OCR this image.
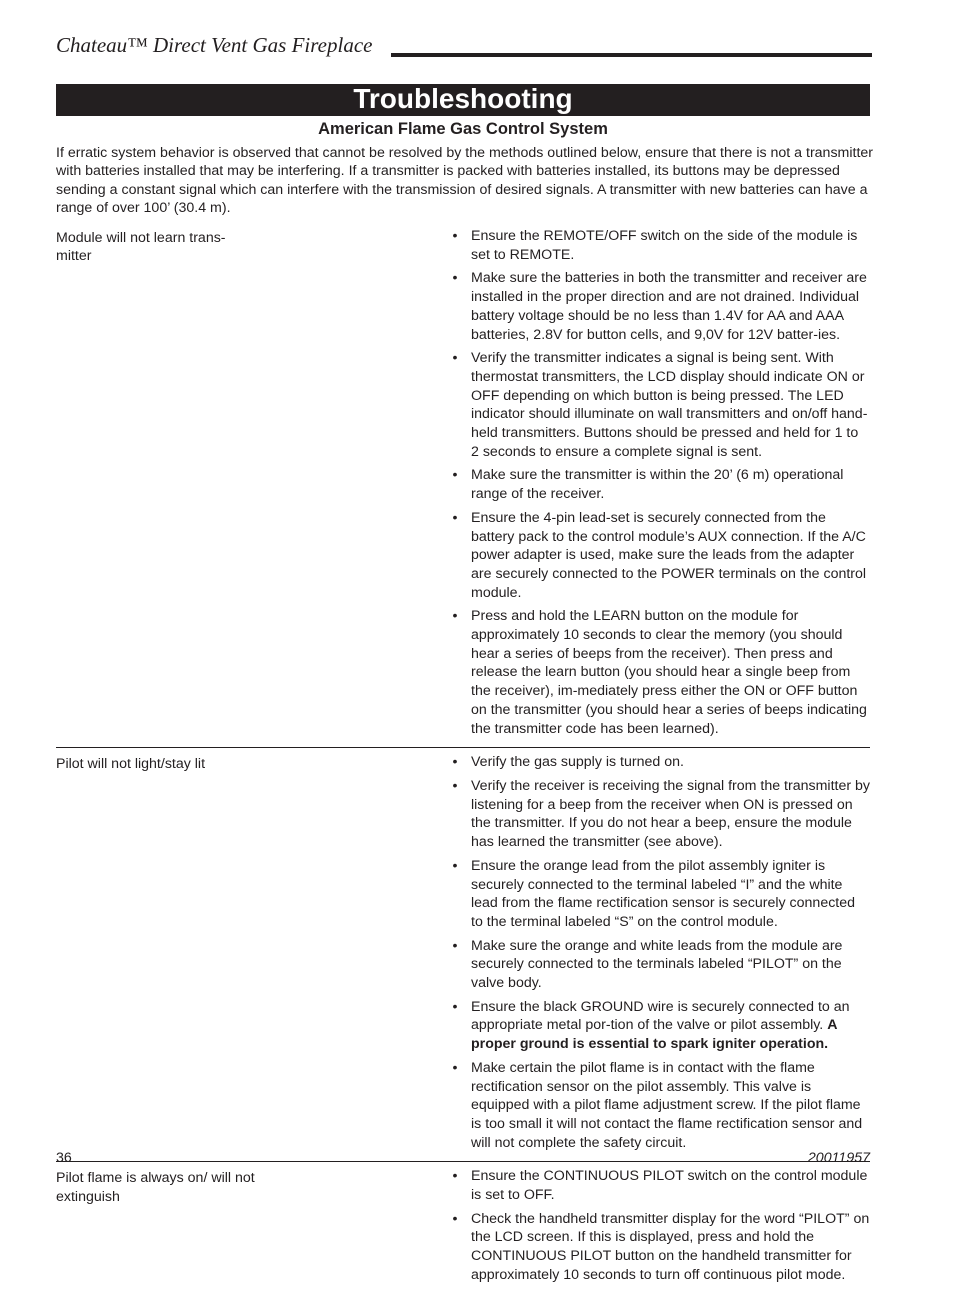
Chateau™ Direct Vent Gas Fireplace
Troubleshooting
American Flame Gas Control System

If erratic system behavior is observed that cannot be resolved by the methods outlined below, ensure that there is not a transmitter with batteries installed that may be interfering. If a transmitter is packed with batteries installed, its buttons may be depressed sending a constant signal which can interfere with the transmission of desired signals. A transmitter with new batteries can have a range of over 100’ (30.4 m).

Module will not learn trans-mitter
• Ensure the REMOTE/OFF switch on the side of the module is set to REMOTE.
• Make sure the batteries in both the transmitter and receiver are installed in the proper direction and are not drained. Individual battery voltage should be no less than 1.4V for AA and AAA batteries, 2.8V for button cells, and 9,0V for 12V batter-ies.
• Verify the transmitter indicates a signal is being sent. With thermostat transmitters, the LCD display should indicate ON or OFF depending on which button is being pressed. The LED indicator should illuminate on wall transmitters and on/off hand-held transmitters. Buttons should be pressed and held for 1 to 2 seconds to ensure a complete signal is sent.
• Make sure the transmitter is within the 20’ (6 m) operational range of the receiver.
• Ensure the 4-pin lead-set is securely connected from the battery pack to the control module’s AUX connection. If the A/C power adapter is used, make sure the leads from the adapter are securely connected to the POWER terminals on the control module.
• Press and hold the LEARN button on the module for approximately 10 seconds to clear the memory (you should hear a series of beeps from the receiver). Then press and release the learn button (you should hear a single beep from the receiver), im-mediately press either the ON or OFF button on the transmitter (you should hear a series of beeps indicating the transmitter code has been learned).
Pilot will not light/stay lit	• Verify the gas supply is turned on.
• Verify the receiver is receiving the signal from the transmitter by listening for a beep from the receiver when ON is pressed on the transmitter. If you do not hear a beep, ensure the module has learned the transmitter (see above).
• Ensure the orange lead from the pilot assembly igniter is securely connected to the terminal labeled “I” and the white lead from the flame rectification sensor is securely connected to the terminal labeled “S” on the control module.
• Make sure the orange and white leads from the module are securely connected to the terminals labeled “PILOT” on the valve body.
• Ensure the black GROUND wire is securely connected to an appropriate metal por-tion of the valve or pilot assembly. A proper ground is essential to spark igniter operation.
• Make certain the pilot flame is in contact with the flame rectification sensor on the pilot assembly. This valve is equipped with a pilot flame adjustment screw. If the pilot flame is too small it will not contact the flame rectification sensor and will not complete the safety circuit.
Pilot flame is always on/ will not extinguish
• Ensure the CONTINUOUS PILOT switch on the control module is set to OFF.
• Check the handheld transmitter display for the word “PILOT” on the LCD screen. If this is displayed, press and hold the CONTINUOUS PILOT button on the handheld transmitter for approximately 10 seconds to turn off continuous pilot mode.
36	20011957
